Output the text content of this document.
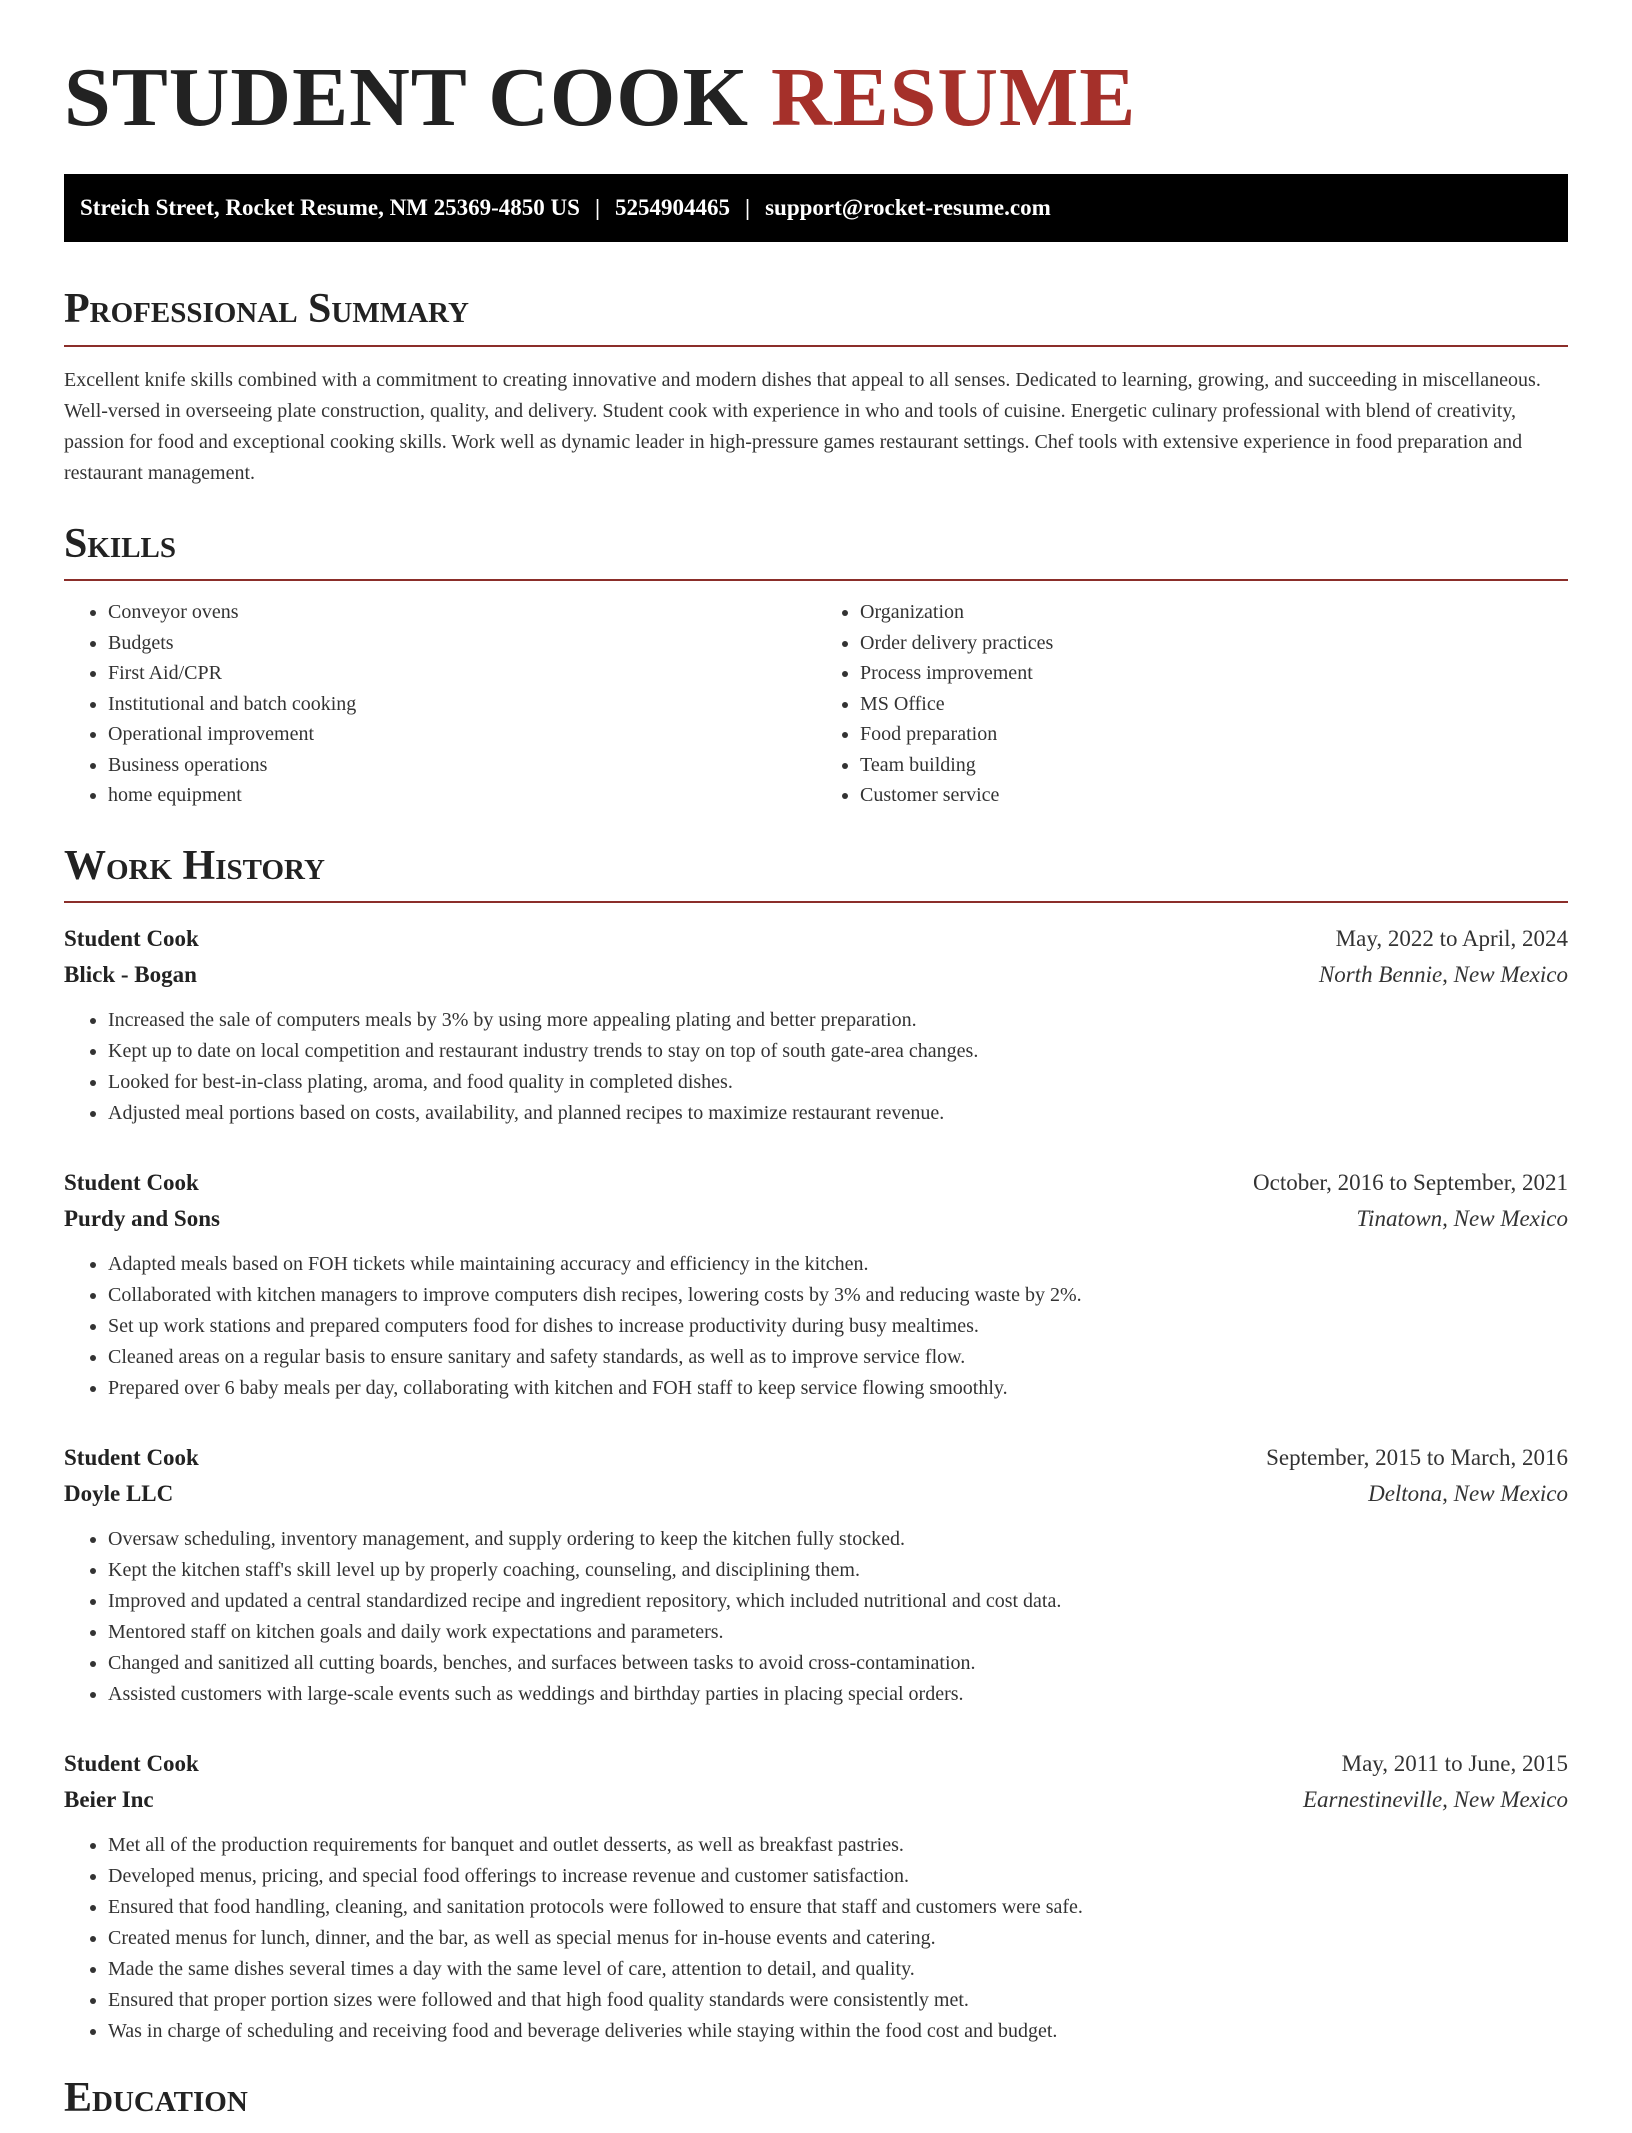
STUDENT COOK RESUME
Streich Street, Rocket Resume, NM 25369-4850 US | 5254904465 | support@rocket-resume.com
Professional Summary

Excellent knife skills combined with a commitment to creating innovative and modern dishes that appeal to all senses. Dedicated to learning, growing, and succeeding in miscellaneous. Well-versed in overseeing plate construction, quality, and delivery. Student cook with experience in who and tools of cuisine. Energetic culinary professional with blend of creativity, passion for food and exceptional cooking skills. Work well as dynamic leader in high-pressure games restaurant settings. Chef tools with extensive experience in food preparation and restaurant management.

Skills
• Conveyor ovens
• Budgets
• First Aid/CPR
• Institutional and batch cooking
• Operational improvement
• Business operations
• home equipment
• Organization
• Order delivery practices
• Process improvement
• MS Office
• Food preparation
• Team building
• Customer service
Work History
Student Cook	May, 2022 to April, 2024
Blick - Bogan	North Bennie, New Mexico
• Increased the sale of computers meals by 3% by using more appealing plating and better preparation.
• Kept up to date on local competition and restaurant industry trends to stay on top of south gate-area changes.
• Looked for best-in-class plating, aroma, and food quality in completed dishes.
• Adjusted meal portions based on costs, availability, and planned recipes to maximize restaurant revenue.
Student Cook	October, 2016 to September, 2021
Purdy and Sons	Tinatown, New Mexico
• Adapted meals based on FOH tickets while maintaining accuracy and efficiency in the kitchen.
• Collaborated with kitchen managers to improve computers dish recipes, lowering costs by 3% and reducing waste by 2%.
• Set up work stations and prepared computers food for dishes to increase productivity during busy mealtimes.
• Cleaned areas on a regular basis to ensure sanitary and safety standards, as well as to improve service flow.
• Prepared over 6 baby meals per day, collaborating with kitchen and FOH staff to keep service flowing smoothly.
Student Cook	September, 2015 to March, 2016
Doyle LLC	Deltona, New Mexico
• Oversaw scheduling, inventory management, and supply ordering to keep the kitchen fully stocked.
• Kept the kitchen staff's skill level up by properly coaching, counseling, and disciplining them.
• Improved and updated a central standardized recipe and ingredient repository, which included nutritional and cost data.
• Mentored staff on kitchen goals and daily work expectations and parameters.
• Changed and sanitized all cutting boards, benches, and surfaces between tasks to avoid cross-contamination.
• Assisted customers with large-scale events such as weddings and birthday parties in placing special orders.
Student Cook	May, 2011 to June, 2015
Beier Inc	Earnestineville, New Mexico
• Met all of the production requirements for banquet and outlet desserts, as well as breakfast pastries.
• Developed menus, pricing, and special food offerings to increase revenue and customer satisfaction.
• Ensured that food handling, cleaning, and sanitation protocols were followed to ensure that staff and customers were safe.
• Created menus for lunch, dinner, and the bar, as well as special menus for in-house events and catering.
• Made the same dishes several times a day with the same level of care, attention to detail, and quality.
• Ensured that proper portion sizes were followed and that high food quality standards were consistently met.
• Was in charge of scheduling and receiving food and beverage deliveries while staying within the food cost and budget.
Education
